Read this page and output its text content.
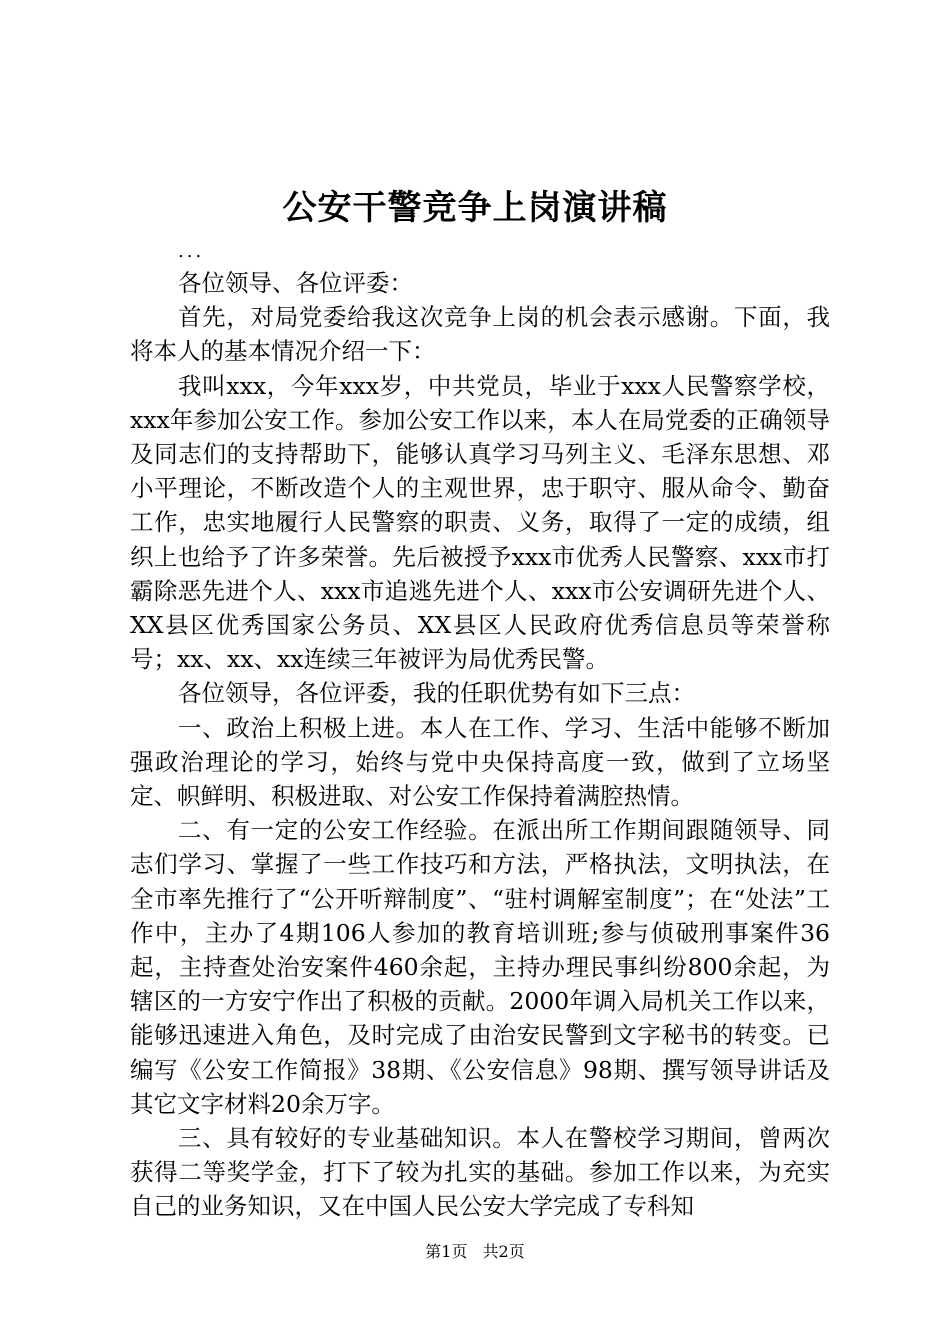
公安干警竞争上岗演讲稿

...

各位领导、各位评委：

首先，对局党委给我这次竞争上岗的机会表示感谢。下面，我将本人的基本情况介绍一下：

我叫xxx，今年xxx岁，中共党员，毕业于xxx人民警察学校，xxx年参加公安工作。参加公安工作以来，本人在局党委的正确领导及同志们的支持帮助下，能够认真学习马列主义、毛泽东思想、邓小平理论，不断改造个人的主观世界，忠于职守、服从命令、勤奋工作，忠实地履行人民警察的职责、义务，取得了一定的成绩，组织上也给予了许多荣誉。先后被授予xxx市优秀人民警察、xxx市打霸除恶先进个人、xxx市追逃先进个人、xxx市公安调研先进个人、XX县区优秀国家公务员、XX县区人民政府优秀信息员等荣誉称号；xx、xx、xx连续三年被评为局优秀民警。

各位领导，各位评委，我的任职优势有如下三点：

一、政治上积极上进。本人在工作、学习、生活中能够不断加强政治理论的学习，始终与党中央保持高度一致，做到了立场坚定、帜鲜明、积极进取、对公安工作保持着满腔热情。

二、有一定的公安工作经验。在派出所工作期间跟随领导、同志们学习、掌握了一些工作技巧和方法，严格执法，文明执法，在全市率先推行了“公开听辩制度”、“驻村调解室制度”；在“处法”工作中，主办了4期106人参加的教育培训班;参与侦破刑事案件36起，主持查处治安案件460余起，主持办理民事纠纷800余起，为辖区的一方安宁作出了积极的贡献。2000年调入局机关工作以来，能够迅速进入角色，及时完成了由治安民警到文字秘书的转变。已编写《公安工作简报》38期、《公安信息》98期、撰写领导讲话及其它文字材料20余万字。

三、具有较好的专业基础知识。本人在警校学习期间，曾两次获得二等奖学金，打下了较为扎实的基础。参加工作以来，为充实自己的业务知识，又在中国人民公安大学完成了专科知

第1页 共2页
